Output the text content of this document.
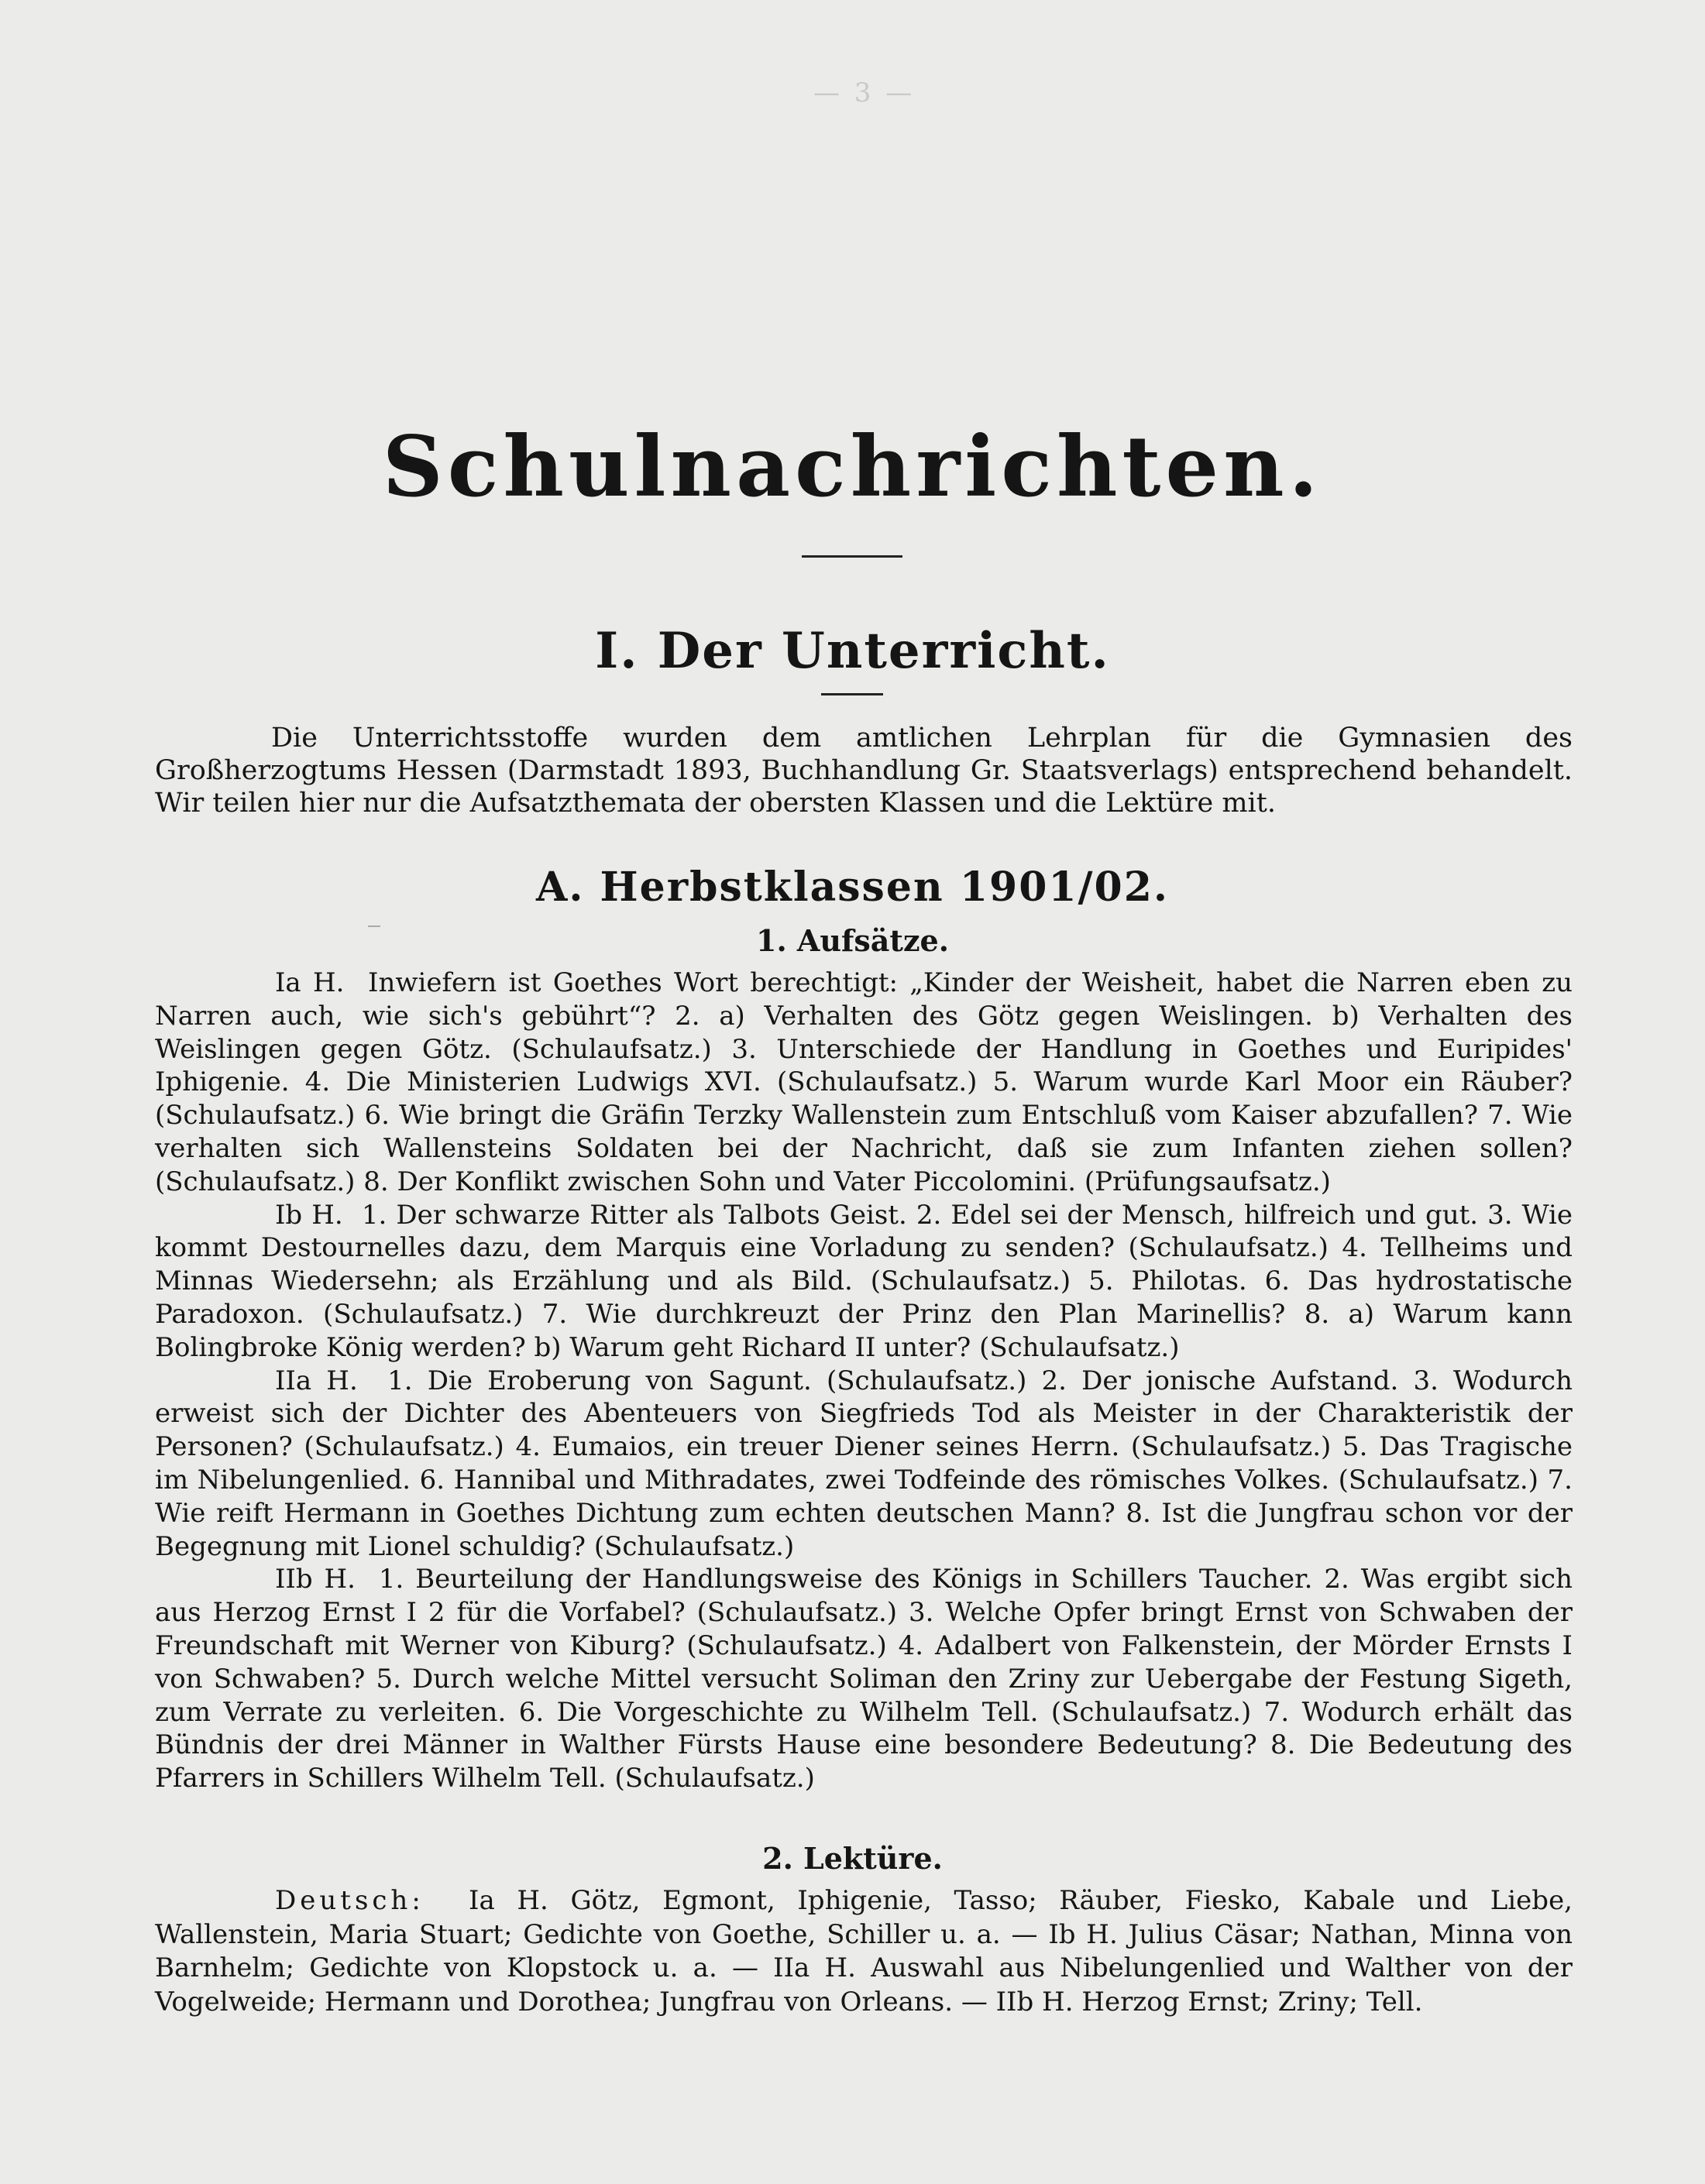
— 3 —
Schulnachrichten.
I. Der Unterricht.

Die Unterrichtsstoffe wurden dem amtlichen Lehrplan für die Gymnasien des Großherzogtums Hessen (Darmstadt 1893, Buchhandlung Gr. Staatsverlags) entsprechend behandelt. Wir teilen hier nur die Aufsatzthemata der obersten Klassen und die Lektüre mit.

A. Herbstklassen 1901/02.
1. Aufsätze.

Ia H. Inwiefern ist Goethes Wort berechtigt: „Kinder der Weisheit, habet die Narren eben zu Narren auch, wie sich's gebührt“? 2. a) Verhalten des Götz gegen Weislingen. b) Verhalten des Weislingen gegen Götz. (Schulaufsatz.) 3. Unterschiede der Handlung in Goethes und Euripides' Iphigenie. 4. Die Ministerien Ludwigs XVI. (Schulaufsatz.) 5. Warum wurde Karl Moor ein Räuber? (Schulaufsatz.) 6. Wie bringt die Gräfin Terzky Wallenstein zum Entschluß vom Kaiser abzufallen? 7. Wie verhalten sich Wallensteins Soldaten bei der Nachricht, daß sie zum Infanten ziehen sollen? (Schulaufsatz.) 8. Der Konflikt zwischen Sohn und Vater Piccolomini. (Prüfungsaufsatz.)

Ib H. 1. Der schwarze Ritter als Talbots Geist. 2. Edel sei der Mensch, hilfreich und gut. 3. Wie kommt Destournelles dazu, dem Marquis eine Vorladung zu senden? (Schulaufsatz.) 4. Tellheims und Minnas Wiedersehn; als Erzählung und als Bild. (Schulaufsatz.) 5. Philotas. 6. Das hydrostatische Paradoxon. (Schulaufsatz.) 7. Wie durchkreuzt der Prinz den Plan Marinellis? 8. a) Warum kann Bolingbroke König werden? b) Warum geht Richard II unter? (Schulaufsatz.)

IIa H. 1. Die Eroberung von Sagunt. (Schulaufsatz.) 2. Der jonische Aufstand. 3. Wodurch erweist sich der Dichter des Abenteuers von Siegfrieds Tod als Meister in der Charakteristik der Personen? (Schulaufsatz.) 4. Eumaios, ein treuer Diener seines Herrn. (Schulaufsatz.) 5. Das Tragische im Nibelungenlied. 6. Hannibal und Mithradates, zwei Todfeinde des römisches Volkes. (Schulaufsatz.) 7. Wie reift Hermann in Goethes Dichtung zum echten deutschen Mann? 8. Ist die Jungfrau schon vor der Begegnung mit Lionel schuldig? (Schulaufsatz.)

IIb H. 1. Beurteilung der Handlungsweise des Königs in Schillers Taucher. 2. Was ergibt sich aus Herzog Ernst I 2 für die Vorfabel? (Schulaufsatz.) 3. Welche Opfer bringt Ernst von Schwaben der Freundschaft mit Werner von Kiburg? (Schulaufsatz.) 4. Adalbert von Falkenstein, der Mörder Ernsts I von Schwaben? 5. Durch welche Mittel versucht Soliman den Zriny zur Uebergabe der Festung Sigeth, zum Verrate zu verleiten. 6. Die Vorgeschichte zu Wilhelm Tell. (Schulaufsatz.) 7. Wodurch erhält das Bündnis der drei Männer in Walther Fürsts Hause eine besondere Bedeutung? 8. Die Bedeutung des Pfarrers in Schillers Wilhelm Tell. (Schulaufsatz.)

2. Lektüre.

Deutsch: Ia H. Götz, Egmont, Iphigenie, Tasso; Räuber, Fiesko, Kabale und Liebe, Wallenstein, Maria Stuart; Gedichte von Goethe, Schiller u. a. — Ib H. Julius Cäsar; Nathan, Minna von Barnhelm; Gedichte von Klopstock u. a. — IIa H. Auswahl aus Nibelungenlied und Walther von der Vogelweide; Hermann und Dorothea; Jungfrau von Orleans. — IIb H. Herzog Ernst; Zriny; Tell.
